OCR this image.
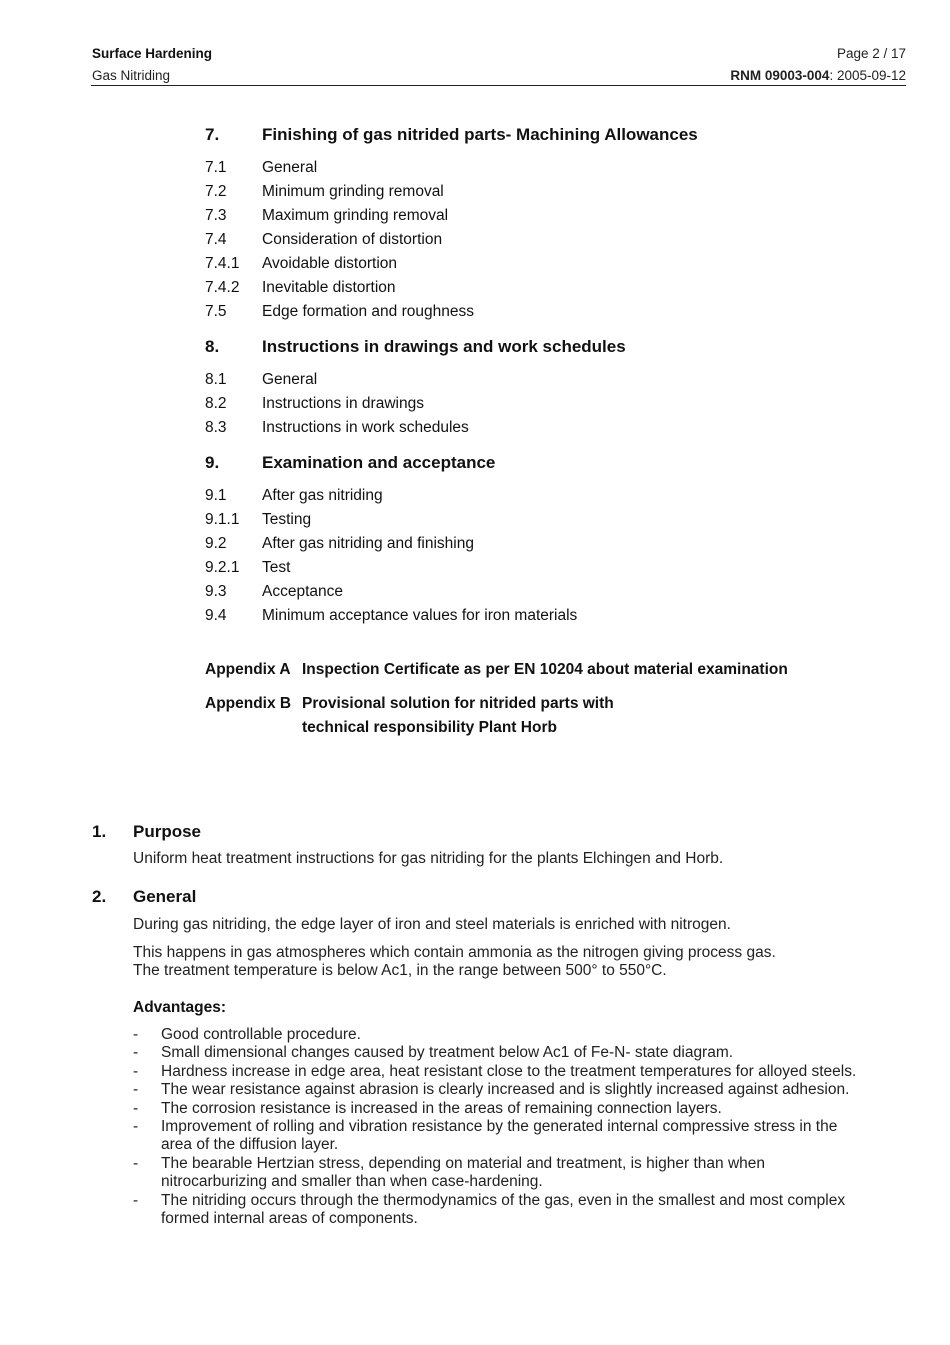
Surface Hardening
Gas Nitriding
Page 2 / 17
RNM 09003-004: 2005-09-12
7.	Finishing of gas nitrided parts- Machining Allowances
7.1 General
7.2 Minimum grinding removal
7.3 Maximum grinding removal
7.4 Consideration of distortion
7.4.1 Avoidable distortion
7.4.2 Inevitable distortion
7.5 Edge formation and roughness
8.	Instructions in drawings and work schedules
8.1 General
8.2 Instructions in drawings
8.3 Instructions in work schedules
9.	Examination and acceptance
9.1 After gas nitriding
9.1.1 Testing
9.2 After gas nitriding and finishing
9.2.1 Test
9.3 Acceptance
9.4 Minimum acceptance values for iron materials
Appendix A Inspection Certificate as per EN 10204 about material examination
Appendix B Provisional solution for nitrided parts with
technical responsibility Plant Horb
1. Purpose
Uniform heat treatment instructions for gas nitriding for the plants Elchingen and Horb.
2. General
During gas nitriding, the edge layer of iron and steel materials is enriched with nitrogen.
This happens in gas atmospheres which contain ammonia as the nitrogen giving process gas.
The treatment temperature is below Ac1, in the range between 500° to 550°C.
Advantages:
- Good controllable procedure.
- Small dimensional changes caused by treatment below Ac1 of Fe-N- state diagram.
- Hardness increase in edge area, heat resistant close to the treatment temperatures for alloyed steels.
- The wear resistance against abrasion is clearly increased and is slightly increased against adhesion.
- The corrosion resistance is increased in the areas of remaining connection layers.
- Improvement of rolling and vibration resistance by the generated internal compressive stress in the
area of the diffusion layer.
- The bearable Hertzian stress, depending on material and treatment, is higher than when
nitrocarburizing and smaller than when case-hardening.
- The nitriding occurs through the thermodynamics of the gas, even in the smallest and most complex
formed internal areas of components.
